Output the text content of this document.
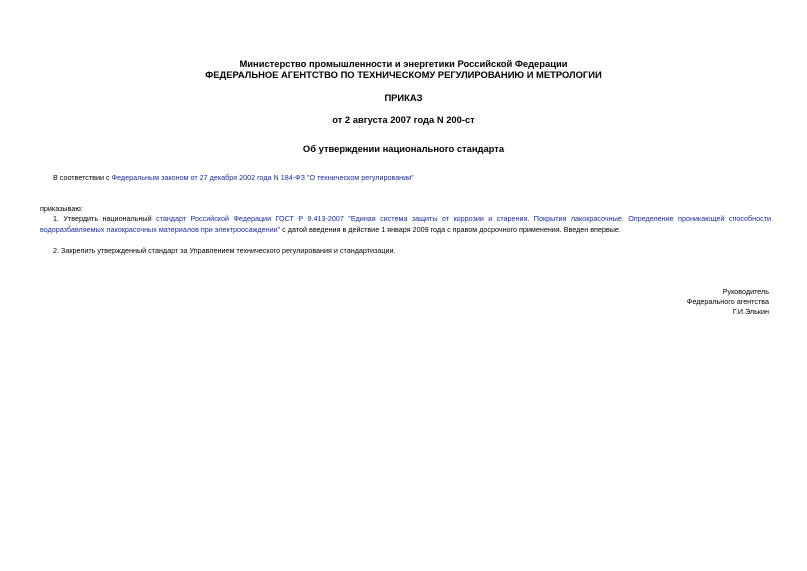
Министерство промышленности и энергетики Российской Федерации
ФЕДЕРАЛЬНОЕ АГЕНТСТВО ПО ТЕХНИЧЕСКОМУ РЕГУЛИРОВАНИЮ И МЕТРОЛОГИИ
ПРИКАЗ
от 2 августа 2007 года N 200-ст
Об утверждении национального стандарта
В соответствии с Федеральным законом от 27 декабря 2002 года N 184-ФЗ "О техническом регулировании"
приказываю:
1. Утвердить национальный стандарт Российской Федерации ГОСТ Р 9.413-2007 "Единая система защиты от коррозии и старения. Покрытия лакокрасочные. Определение проникающей способности
водоразбавляемых лакокрасочных материалов при электроосаждении" с датой введения в действие 1 января 2009 года с правом досрочного применения. Введен впервые.
2. Закрепить утвержденный стандарт за Управлением технического регулирования и стандартизации.
Руководитель
Федерального агентства
Г.И.Элькин
